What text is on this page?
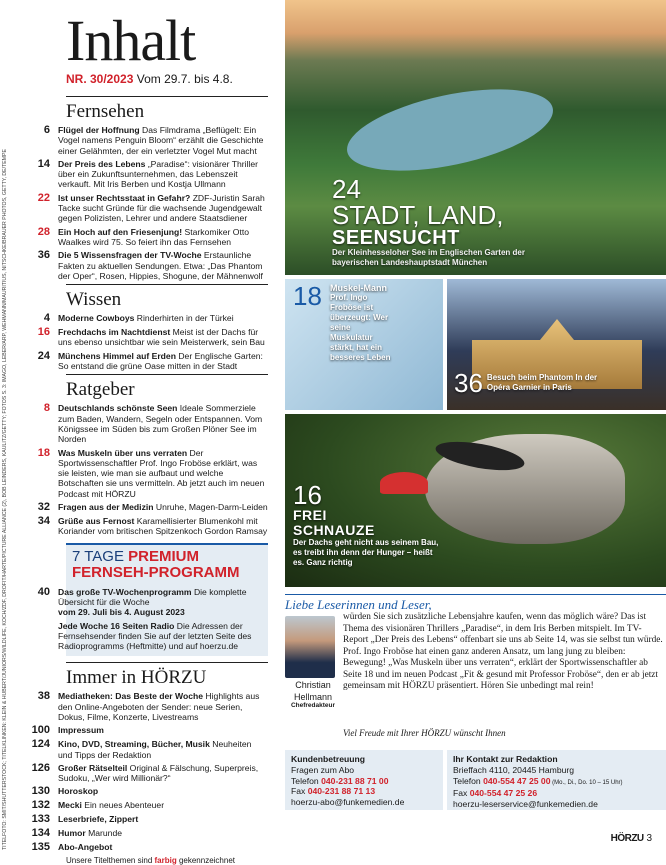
TITELFOTO: SMIT/SHUTTERSTOCK; TITELKLINKEN: KLEIN & HUBERT/JUNIORS/WILDLIFE, KOCH/ZDF, DROFIT/HARTE/PICTURE ALLIANCE (2), BOB LEINDERS, KAULITZ/GETTY; FOTOS S. 3: IMAGO, LEBER/ARP, WEHMANN/MAURITIUS, NITSCHKE/BRAUER PHOTOS, GETTY, DE/TEMPE
Inhalt
NR. 30/2023 Vom 29.7. bis 4.8.
Fernsehen
6 Flügel der Hoffnung Das Filmdrama „Beflügelt: Ein Vogel namens Penguin Bloom“ erzählt die Geschichte einer Gelähmten, der ein verletzter Vogel Mut macht
14 Der Preis des Lebens „Paradise“: visionärer Thriller über ein Zukunftsunternehmen, das Lebenszeit verkauft. Mit Iris Berben und Kostja Ullmann
22 Ist unser Rechtsstaat in Gefahr? ZDF-Juristin Sarah Tacke sucht Gründe für die wachsende Jugendgewalt gegen Polizisten, Lehrer und andere Staatsdiener
28 Ein Hoch auf den Friesenjung! Starkomiker Otto Waalkes wird 75. So feiert ihn das Fernsehen
36 Die 5 Wissensfragen der TV-Woche Erstaunliche Fakten zu aktuellen Sendungen. Etwa: „Das Phantom der Oper“, Rosen, Hippies, Shogune, der Mähnenwolf
Wissen
4 Moderne Cowboys Rinderhirten in der Türkei
16 Frechdachs im Nachtdienst Meist ist der Dachs für uns ebenso unsichtbar wie sein Meisterwerk, sein Bau
24 Münchens Himmel auf Erden Der Englische Garten: So entstand die grüne Oase mitten in der Stadt
Ratgeber
8 Deutschlands schönste Seen Ideale Sommerziele zum Baden, Wandern, Segeln oder Entspannen. Vom Königssee im Süden bis zum Großen Plöner See im Norden
18 Was Muskeln über uns verraten Der Sportwissenschaftler Prof. Ingo Froböse erklärt, was sie leisten, wie man sie aufbaut und welche Botschaften sie uns vermitteln. Ab jetzt auch im neuen Podcast mit HÖRZU
32 Fragen aus der Medizin Unruhe, Magen-Darm-Leiden
34 Grüße aus Fernost Karamellisierter Blumenkohl mit Koriander vom britischen Spitzenkoch Gordon Ramsay
7 TAGE PREMIUM FERNSEH-PROGRAMM
40 Das große TV-Wochenprogramm Die komplette Übersicht für die Woche
vom 29. Juli bis 4. August 2023
Jede Woche 16 Seiten Radio Die Adressen der Fernsehsender finden Sie auf der letzten Seite des Radioprogramms (Heftmitte) und auf hoerzu.de
Immer in HÖRZU
38 Mediatheken: Das Beste der Woche Highlights aus den Online-Angeboten der Sender: neue Serien, Dokus, Filme, Konzerte, Livestreams
100 Impressum
124 Kino, DVD, Streaming, Bücher, Musik Neuheiten und Tipps der Redaktion
126 Großer Rätselteil Original & Fälschung, Superpreis, Sudoku, „Wer wird Millionär?“
130 Horoskop
132 Mecki Ein neues Abenteuer
133 Leserbriefe, Zippert
134 Humor Marunde
135 Abo-Angebot
Unsere Titelthemen sind farbig gekennzeichnet
24
STADT, LAND,
SEENSUCHT
Der Kleinhesseloher See im Englischen Garten der bayerischen Landeshauptstadt München
18 Muskel-Mann
Prof. Ingo Froböse ist überzeugt: Wer seine Muskulatur stärkt, hat ein besseres Leben
36 Besuch beim Phantom In der Opéra Garnier in Paris
16
FREI
SCHNAUZE
Der Dachs geht nicht aus seinem Bau, es treibt ihn denn der Hunger – heißt es. Ganz richtig
Liebe Leserinnen und Leser,
Christian
Hellmann
Chefredakteur
würden Sie sich zusätzliche Lebensjahre kaufen, wenn das möglich wäre? Das ist Thema des visionären Thrillers „Paradise“, in dem Iris Berben mitspielt. Im TV-Report „Der Preis des Lebens“ offenbart sie uns ab Seite 14, was sie selbst tun würde. Prof. Ingo Froböse hat einen ganz anderen Ansatz, um lang jung zu bleiben: Bewegung! „Was Muskeln über uns verraten“, erklärt der Sportwissenschaftler ab Seite 18 und im neuen Podcast „Fit & gesund mit Professor Froböse“, den er ab jetzt gemeinsam mit HÖRZU präsentiert. Hören Sie unbedingt mal rein!
Viel Freude mit Ihrer HÖRZU wünscht Ihnen
Kundenbetreuung
Fragen zum Abo
Telefon 040-231 88 71 00
Fax 040-231 88 71 13
hoerzu-abo@funkemedien.de
Ihr Kontakt zur Redaktion
Brieffach 4110, 20445 Hamburg
Telefon 040-554 47 25 00 (Mo., Di., Do. 10 – 15 Uhr)
Fax 040-554 47 25 26
hoerzu-leserservice@funkemedien.de
HÖRZU 3
